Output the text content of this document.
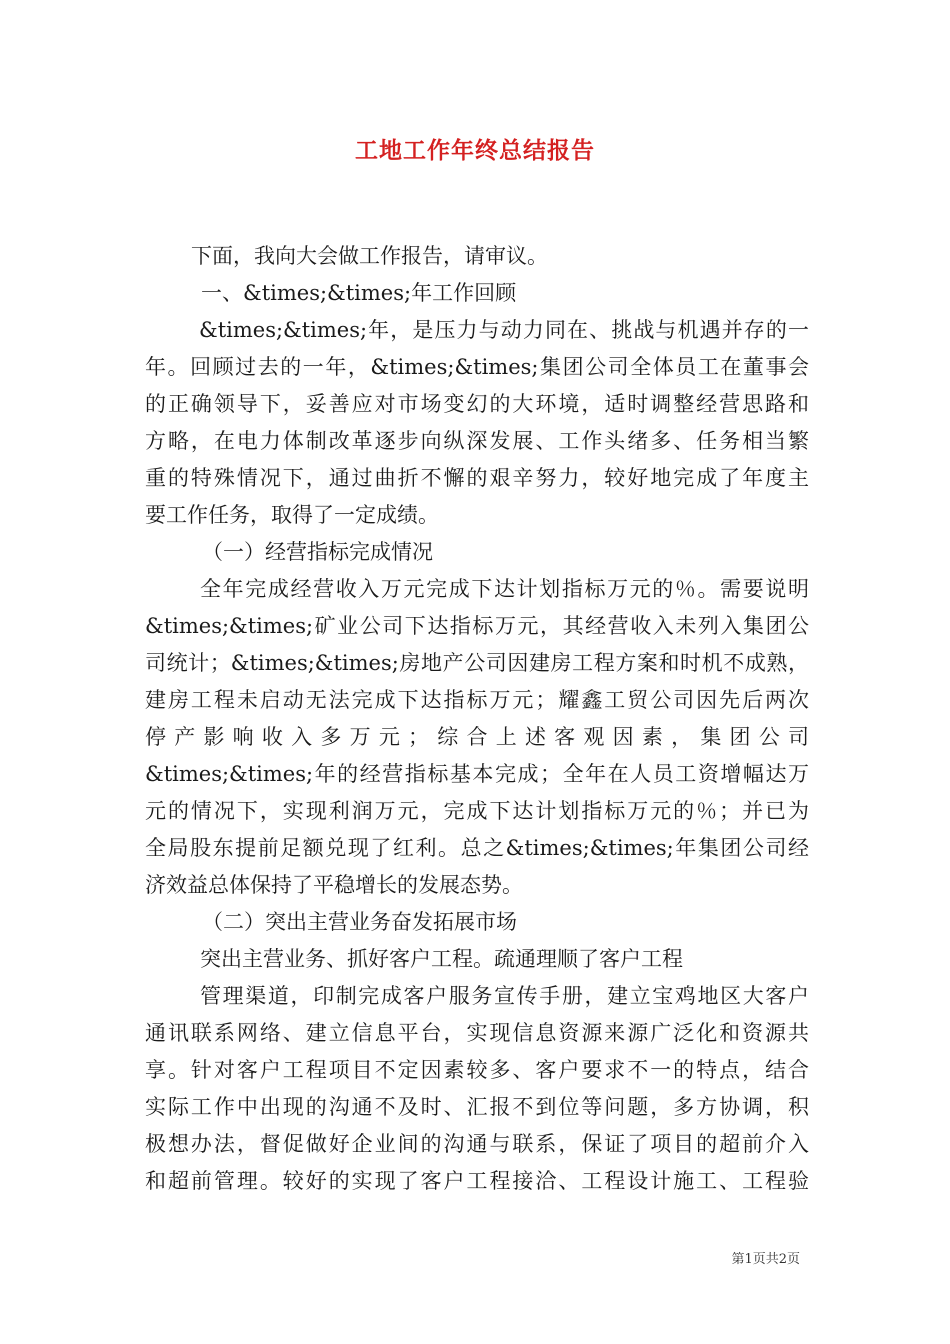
工地工作年终总结报告

下面，我向大会做工作报告，请审议。

一、&times;&times;年工作回顾

&times;&times;年，是压力与动力同在、挑战与机遇并存的一

年。回顾过去的一年，&times;&times;集团公司全体员工在董事会

的正确领导下，妥善应对市场变幻的大环境，适时调整经营思路和

方略，在电力体制改革逐步向纵深发展、工作头绪多、任务相当繁

重的特殊情况下，通过曲折不懈的艰辛努力，较好地完成了年度主

要工作任务，取得了一定成绩。

（一）经营指标完成情况

全年完成经营收入万元完成下达计划指标万元的％。需要说明

&times;&times;矿业公司下达指标万元，其经营收入未列入集团公

司统计；&times;&times;房地产公司因建房工程方案和时机不成熟，

建房工程未启动无法完成下达指标万元；耀鑫工贸公司因先后两次

停产影响收入多万元；综合上述客观因素，集团公司

&times;&times;年的经营指标基本完成；全年在人员工资增幅达万

元的情况下，实现利润万元，完成下达计划指标万元的％；并已为

全局股东提前足额兑现了红利。总之&times;&times;年集团公司经

济效益总体保持了平稳增长的发展态势。

（二）突出主营业务奋发拓展市场

突出主营业务、抓好客户工程。疏通理顺了客户工程

管理渠道，印制完成客户服务宣传手册，建立宝鸡地区大客户

通讯联系网络、建立信息平台，实现信息资源来源广泛化和资源共

享。针对客户工程项目不定因素较多、客户要求不一的特点，结合

实际工作中出现的沟通不及时、汇报不到位等问题，多方协调，积

极想办法，督促做好企业间的沟通与联系，保证了项目的超前介入

和超前管理。较好的实现了客户工程接洽、工程设计施工、工程验

第1页共2页
